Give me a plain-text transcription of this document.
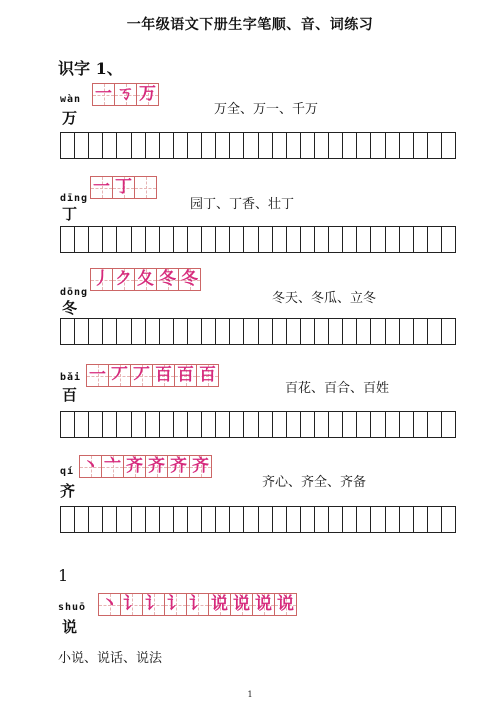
一年级语文下册生字笔顺、音、词练习
识字 1、
wàn
万
一 ㄎ 万
万全、万一、千万
dīng
丁
一 丁
园丁、丁香、壮丁
dōng
冬
丿 ク 夂 冬 冬
冬天、冬瓜、立冬
bǎi
百
一 丆 丆 百 百 百
百花、百合、百姓
qí
齐
丶 亠 齐 齐 齐 齐
齐心、齐全、齐备
1
shuō
说
丶 讠 讠 讠 讠 说 说 说 说
小说、说话、说法
1
